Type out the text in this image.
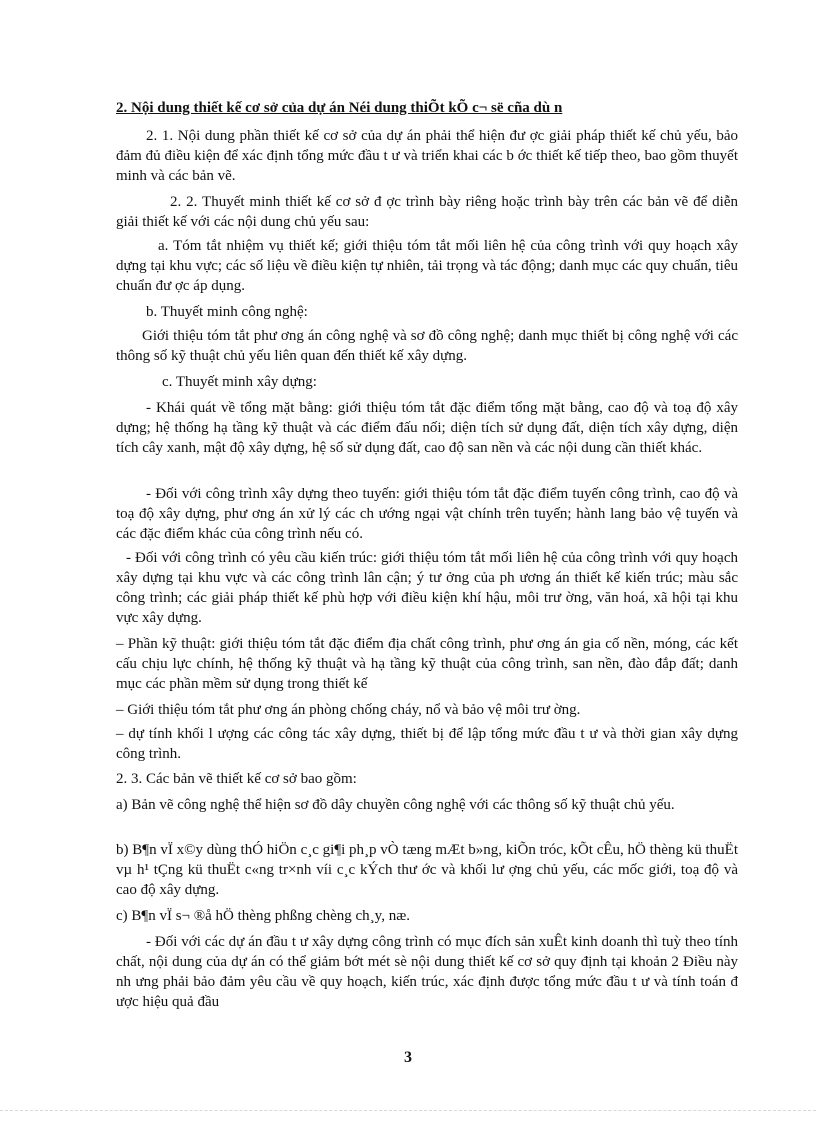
2. Nội dung thiết kế cơ sở của dự án Néi dung thiÕt kÕ c¬ së cña dù n
2. 1. Nội dung phần thiết kế cơ sở của dự án phải thể hiện đư ợc giải pháp thiết kế chủ yếu, bảo đảm đủ điều kiện để xác định tổng mức đầu t ư và triển khai các b ớc thiết kế tiếp theo, bao gồm thuyết minh và các bản vẽ.
2. 2. Thuyết minh thiết kế cơ sở đ ợc trình bày riêng hoặc trình bày trên các bản vẽ để diễn giải thiết kế với các nội dung chủ yếu sau:
a. Tóm tắt nhiệm vụ thiết kế; giới thiệu tóm tắt mối liên hệ của công trình với quy hoạch xây dựng tại khu vực; các số liệu về điều kiện tự nhiên, tải trọng và tác động; danh mục các quy chuẩn, tiêu chuẩn đư ợc áp dụng.
b. Thuyết minh công nghệ:
Giới thiệu tóm tắt phư ơng án công nghệ và sơ đồ công nghệ; danh mục thiết bị công nghệ với các thông số kỹ thuật chủ yếu liên quan đến thiết kế xây dựng.
c. Thuyết minh xây dựng:
- Khái quát về tổng mặt bằng: giới thiệu tóm tắt đặc điểm tổng mặt bằng, cao độ và toạ độ xây dựng; hệ thống hạ tầng kỹ thuật và các điểm đấu nối; diện tích sử dụng đất, diện tích xây dựng, diện tích cây xanh, mật độ xây dựng, hệ số sử dụng đất, cao độ san nền và các nội dung cần thiết khác.
- Đối với công trình xây dựng theo tuyến: giới thiệu tóm tắt đặc điểm tuyến công trình, cao độ và toạ độ xây dựng, phư ơng án xử lý các ch ướng ngại vật chính trên tuyến; hành lang bảo vệ tuyến và các đặc điểm khác của công trình nếu có.
- Đối với công trình có yêu cầu kiến trúc: giới thiệu tóm tắt mối liên hệ của công trình với quy hoạch xây dựng tại khu vực và các công trình lân cận; ý tư ởng của ph ương án thiết kế kiến trúc; màu sắc công trình; các giải pháp thiết kế phù hợp với điều kiện khí hậu, môi trư ờng, văn hoá, xã hội tại khu vực xây dựng.
– Phần kỹ thuật: giới thiệu tóm tắt đặc điểm địa chất công trình, phư ơng án gia cố nền, móng, các kết cấu chịu lực chính, hệ thống kỹ thuật và hạ tầng kỹ thuật của công trình, san nền, đào đắp đất; danh mục các phần mềm sử dụng trong thiết kế
– Giới thiệu tóm tắt phư ơng án phòng chống cháy, nổ và bảo vệ môi trư ờng.
– dự tính khối l ượng các công tác xây dựng, thiết bị để lập tổng mức đầu t ư và thời gian xây dựng công trình.
2. 3. Các bản vẽ thiết kế cơ sở bao gồm:
a) Bản vẽ công nghệ thể hiện sơ đồ dây chuyền công nghệ với các thông số kỹ thuật chủ yếu.
b) B¶n vÏ x©y dùng thÓ hiÖn c¸c gi¶i ph¸p vÒ tæng mÆt b»ng, kiÕn tróc, kÕt cÊu, hÖ thèng kü thuËt vµ h¹ tÇng kü thuËt c«ng tr×nh víi c¸c kÝch thư ớc và khối lư ợng chủ yếu, các mốc giới, toạ độ và cao độ xây dựng.
c) B¶n vÏ s¬ ®å hÖ thèng phßng chèng ch¸y, næ.
- Đối với các dự án đầu t ư xây dựng công trình có mục đích sản xuÊt kinh doanh thì tuỳ theo tính chất, nội dung của dự án có thể giảm bớt mét sè nội dung thiết kế cơ sở quy định tại khoản 2 Điều này nh ưng phải bảo đảm yêu cầu về quy hoạch, kiến trúc, xác định được tổng mức đầu t ư và tính toán đ ược hiệu quả đầu
3
